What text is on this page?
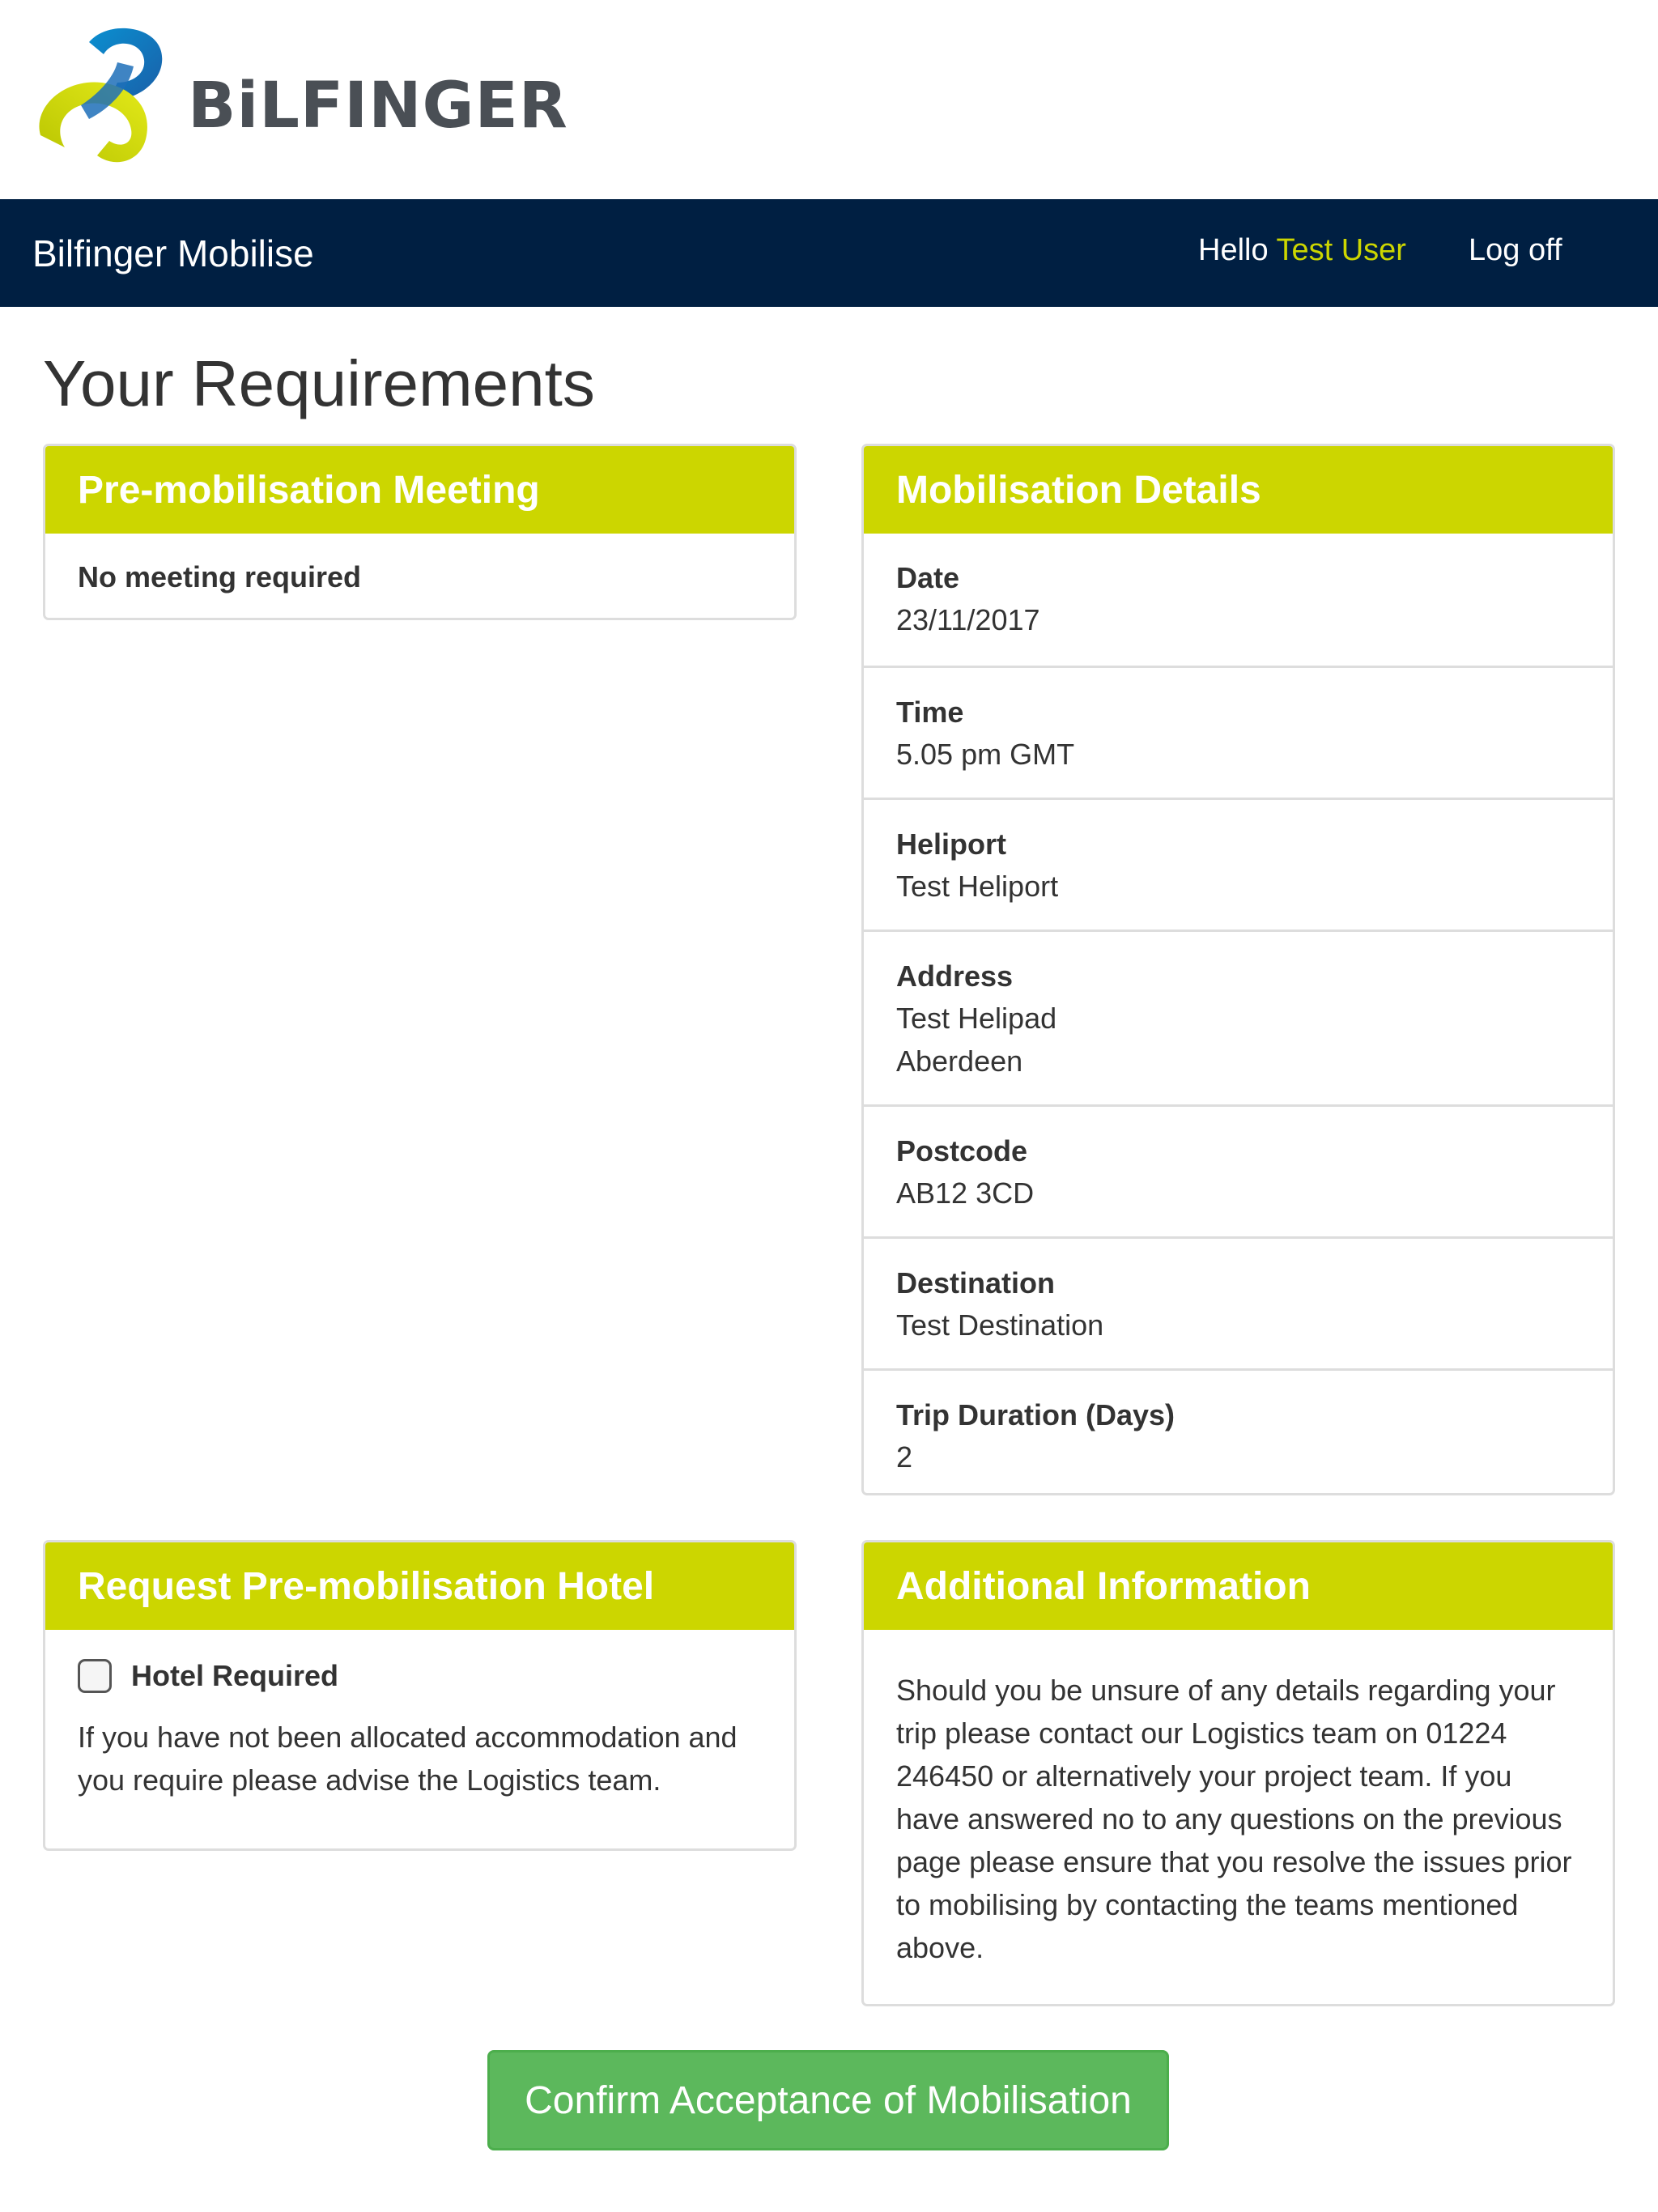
BiLFINGER
Bilfinger Mobilise	Hello Test User Log off
Your Requirements
Pre-mobilisation Meeting
No meeting required
Mobilisation Details
Date
23/11/2017
Time
5.05 pm GMT
Heliport
Test Heliport
Address
Test Helipad
Aberdeen
Postcode
AB12 3CD
Destination
Test Destination
Trip Duration (Days)
2
Request Pre-mobilisation Hotel
Hotel Required
If you have not been allocated accommodation and you require please advise the Logistics team.
Additional Information
Should you be unsure of any details regarding your trip please contact our Logistics team on 01224 246450 or alternatively your project team. If you have answered no to any questions on the previous page please ensure that you resolve the issues prior to mobilising by contacting the teams mentioned above.
Confirm Acceptance of Mobilisation
